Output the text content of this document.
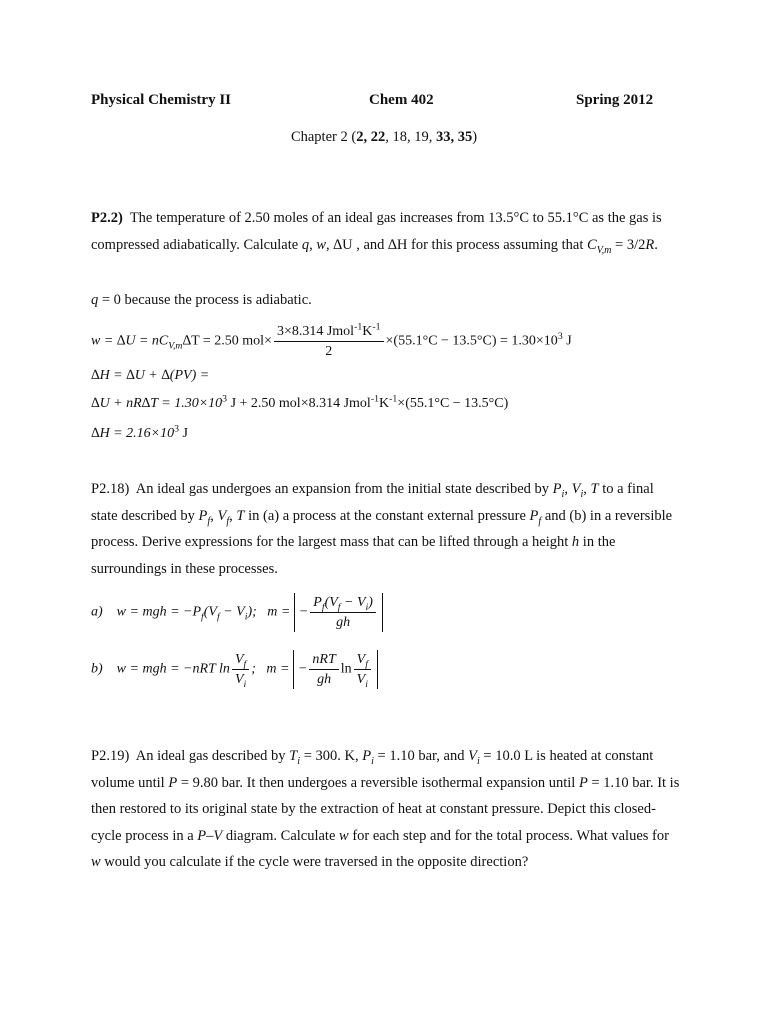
Physical Chemistry II	Chem 402	Spring 2012
Chapter 2 (2, 22, 18, 19, 33, 35)
P2.2) The temperature of 2.50 moles of an ideal gas increases from 13.5°C to 55.1°C as the gas is compressed adiabatically. Calculate q, w, ∆U , and ∆H for this process assuming that $C_{V,m} = 3/2R$.
q = 0 because the process is adiabatic.
$w = \Delta U = nC_{V,m}\Delta T = 2.50$ $mol\times \frac{3\times 8.314 Jmol^{-1}K^{-1}}{2} \times(55.1^\circ C - 13.5^\circ C) = 1.30\times 10^3$ J
∆H = ∆U + ∆(PV) =
$\Delta U + nR\Delta T = 1.30\times 10^3$ J + 2.50 mol×8.314 $Jmol^{-1}K^{-1}\times(55.1^\circ C - 13.5^\circ C)$
$\Delta H = 2.16\times 10^3$ J
P2.18) An ideal gas undergoes an expansion from the initial state described by $P_i$, $V_i$, T to a final state described by $P_f$, $V_f$, T in (a) a process at the constant external pressure $P_f$ and (b) in a reversible process. Derive expressions for the largest mass that can be lifted through a height h in the surroundings in these processes.
a) w = mgh = $-P_f(V_f - V_i)$; m = − $\frac{P_f(V_f - V_i)}{gh}$
b) w = mgh = −nRT $\ln \frac{V_f}{V_i}$ ; m = − $\frac{\text{nRT}}{gh}$ $\ln \frac{V_f}{V_i}$
P2.19) An ideal gas described by $T_i = 300$. K, $P_i = 1.10$ bar, and $V_i = 10.0$ L is heated at constant volume until P = 9.80 bar. It then undergoes a reversible isothermal expansion until P = 1.10 bar. It is then restored to its original state by the extraction of heat at constant pressure. Depict this closed-cycle process in a P–V diagram. Calculate w for each step and for the total process. What values for w would you calculate if the cycle were traversed in the opposite direction?
